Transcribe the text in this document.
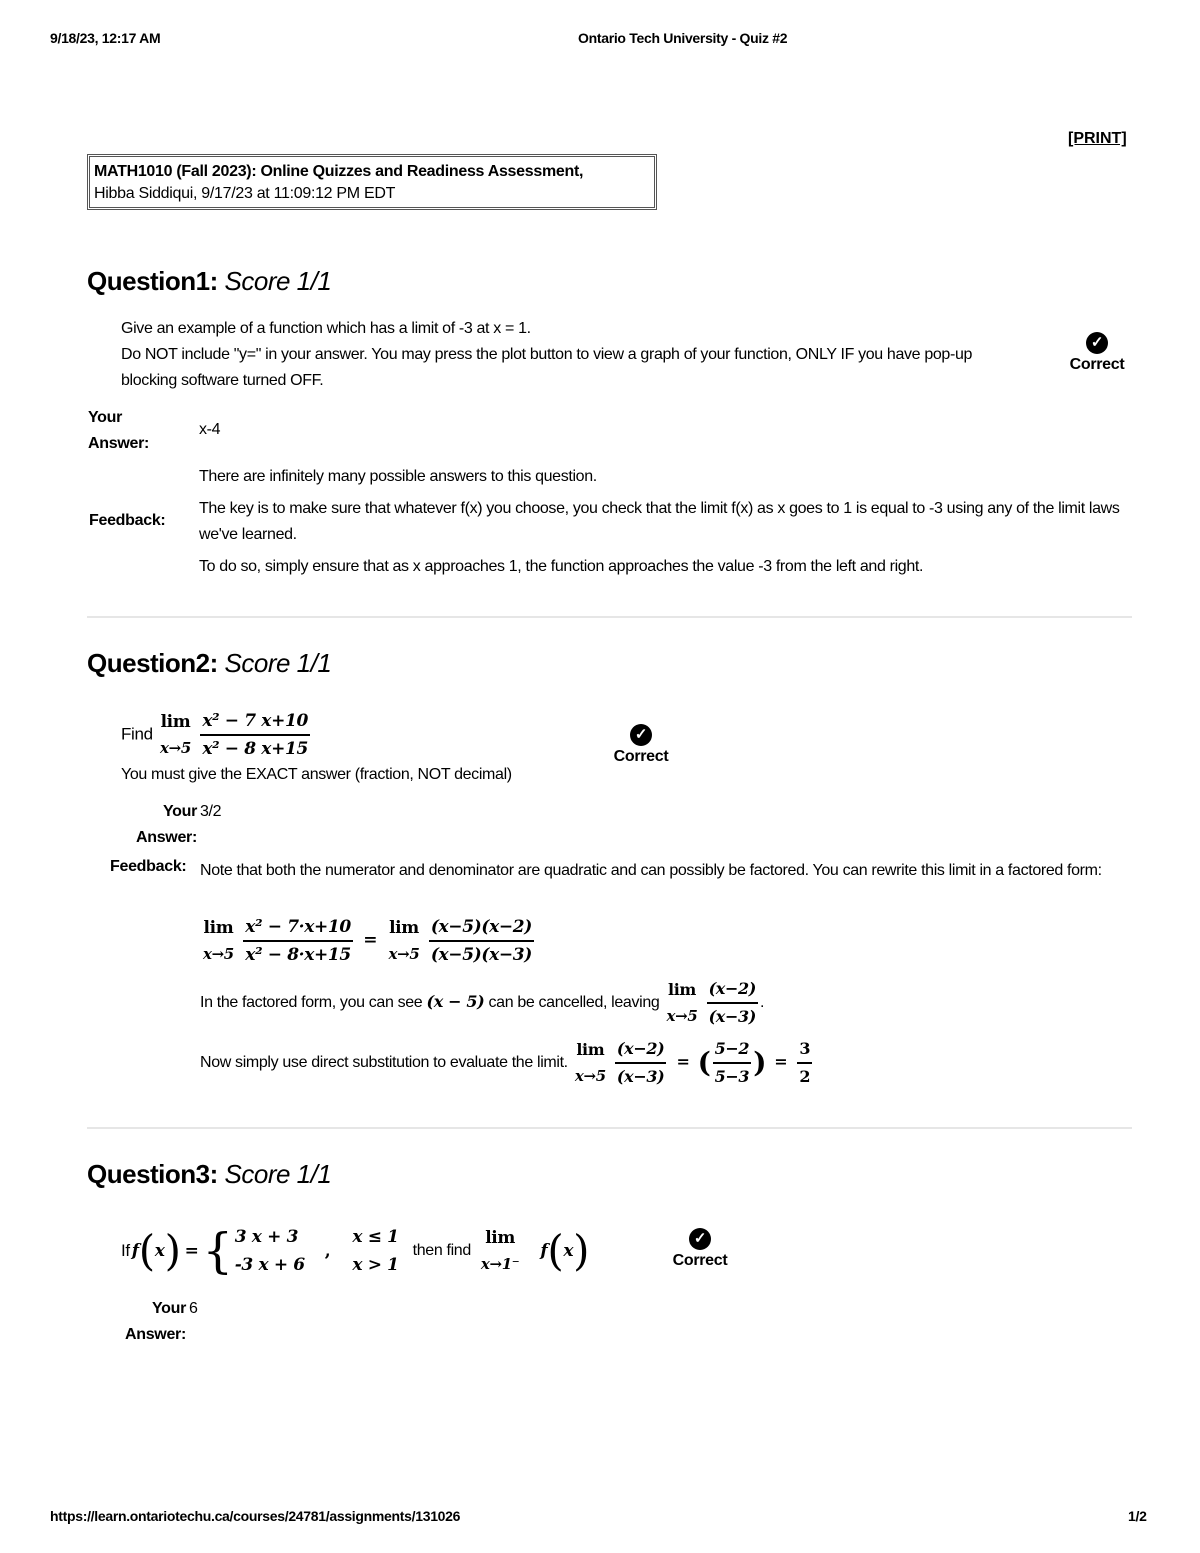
9/18/23, 12:17 AM	Ontario Tech University - Quiz #2
[PRINT]
MATH1010 (Fall 2023): Online Quizzes and Readiness Assessment,
Hibba Siddiqui, 9/17/23 at 11:09:12 PM EDT
Question1: Score 1/1
Give an example of a function which has a limit of -3 at x = 1.
Do NOT include "y=" in your answer. You may press the plot button to view a graph of your function, ONLY IF you have pop-up blocking software turned OFF.
✓
Correct
Your
Answer:
x-4
Feedback:
There are infinitely many possible answers to this question.
The key is to make sure that whatever f(x) you choose, you check that the limit f(x) as x goes to 1 is equal to -3 using any of the limit laws we've learned.
To do so, simply ensure that as x approaches 1, the function approaches the value -3 from the left and right.
Question2: Score 1/1
Find
lim
x→5
$\frac{\text{x² − 7 x+10}}{\text{x² − 8 x+15}}$
You must give the EXACT answer (fraction, NOT decimal)
✓
Correct
Your
Answer:
3/2
Feedback: Note that both the numerator and denominator are quadratic and can possibly be factored. You can rewrite this limit in a factored form:
lim
x→5
$\frac{\text{x² − 7·x+10}}{\text{x² − 8·x+15}}$ =
lim
x→5
$\frac{(x-5)(x-2)}{(x-5)(x-3)}$
In the factored form, you can see (x − 5) can be cancelled, leaving
lim
x→5
$\frac{(x-2)}{(x-3)}$ .
Now simply use direct substitution to evaluate the limit.
lim
x→5
$\frac{(x-2)}{(x-3)}$ = ( $\frac{5-2}{5-3}$ ) = $\frac{3}{2}$
Question3: Score 1/1
If f ( x ) = { 3 x + 3
-3 x + 6
,
x ≤ 1
x > 1
then find
lim
x→1⁻
f ( x )	✓
Correct
Your
Answer:
6
https://learn.ontariotechu.ca/courses/24781/assignments/131026	1/2
